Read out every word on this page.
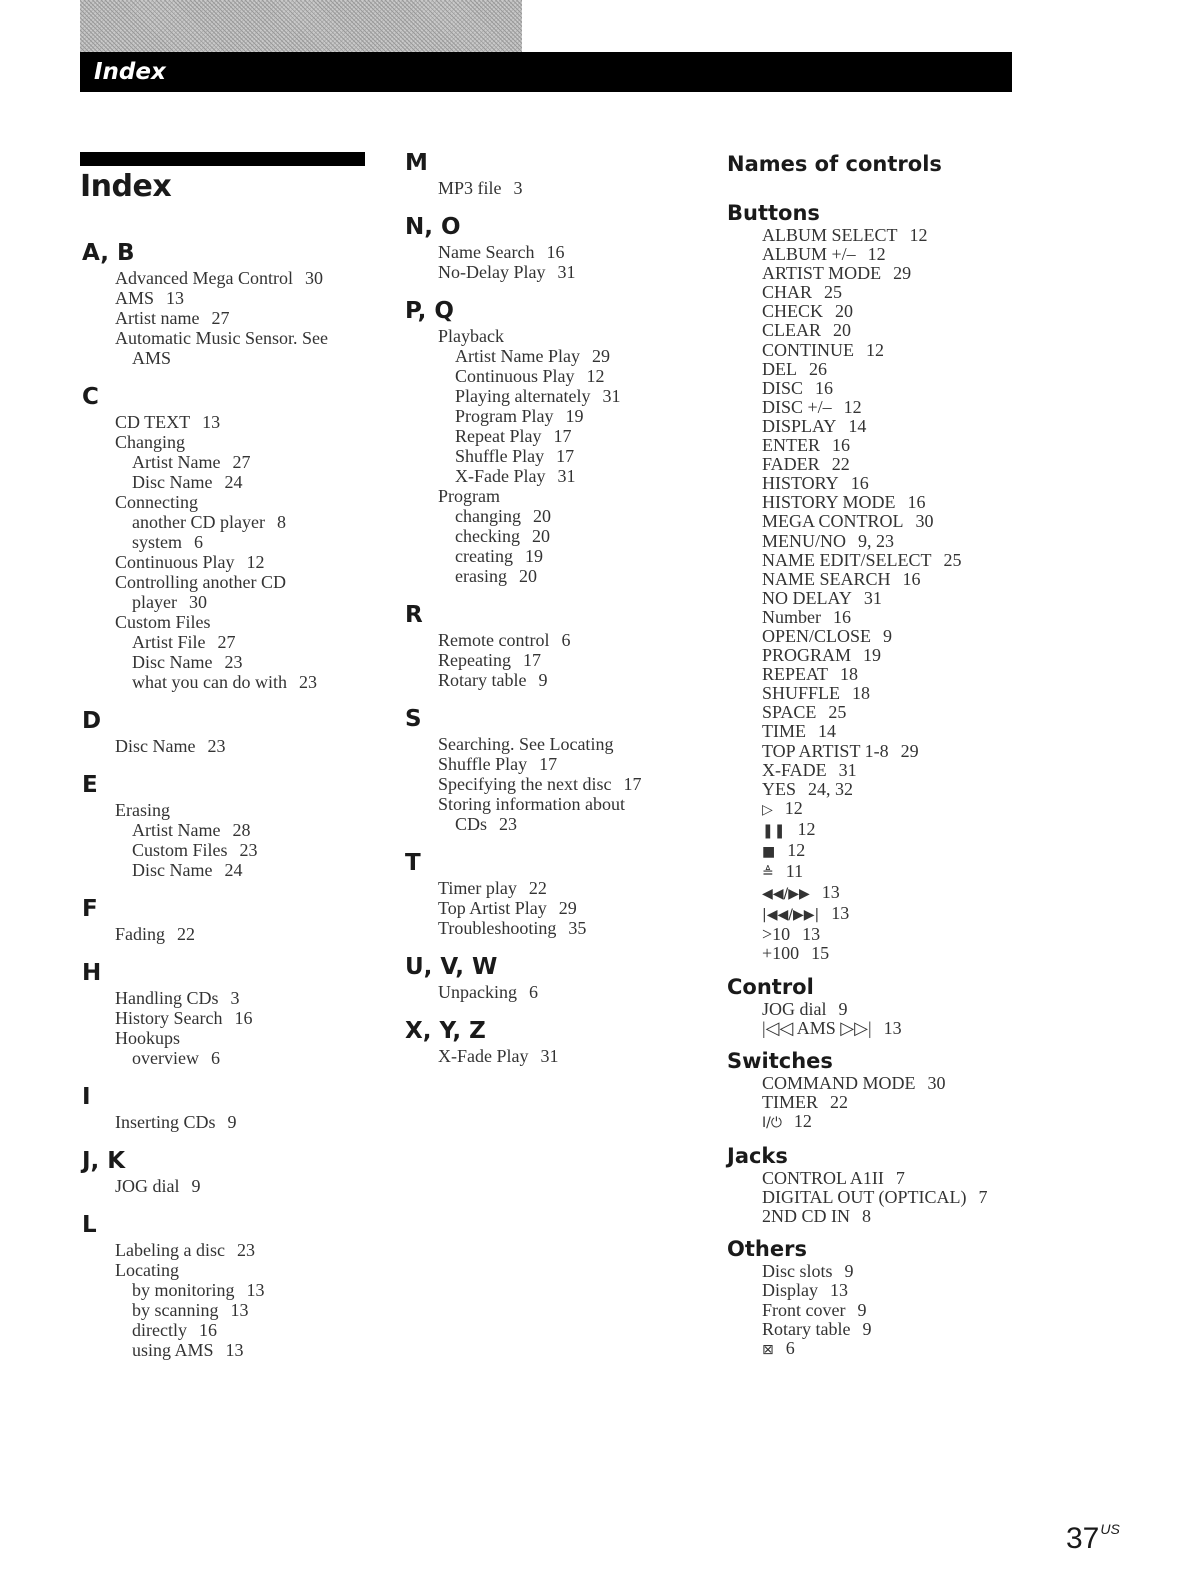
Index
Index
A, B
Advanced Mega Control 30
AMS 13
Artist name 27
Automatic Music Sensor. See
AMS
C
CD TEXT 13
Changing
Artist Name 27
Disc Name 24
Connecting
another CD player 8
system 6
Continuous Play 12
Controlling another CD
player 30
Custom Files
Artist File 27
Disc Name 23
what you can do with 23
D
Disc Name 23
E
Erasing
Artist Name 28
Custom Files 23
Disc Name 24
F
Fading 22
H
Handling CDs 3
History Search 16
Hookups
overview 6
I
Inserting CDs 9
J, K
JOG dial 9
L
Labeling a disc 23
Locating
by monitoring 13
by scanning 13
directly 16
using AMS 13
M
MP3 file 3
N, O
Name Search 16
No-Delay Play 31
P, Q
Playback
Artist Name Play 29
Continuous Play 12
Playing alternately 31
Program Play 19
Repeat Play 17
Shuffle Play 17
X-Fade Play 31
Program
changing 20
checking 20
creating 19
erasing 20
R
Remote control 6
Repeating 17
Rotary table 9
S
Searching. See Locating
Shuffle Play 17
Specifying the next disc 17
Storing information about
CDs 23
T
Timer play 22
Top Artist Play 29
Troubleshooting 35
U, V, W
Unpacking 6
X, Y, Z
X-Fade Play 31
Names of controls
Buttons
ALBUM SELECT 12
ALBUM +/– 12
ARTIST MODE 29
CHAR 25
CHECK 20
CLEAR 20
CONTINUE 12
DEL 26
DISC 16
DISC +/– 12
DISPLAY 14
ENTER 16
FADER 22
HISTORY 16
HISTORY MODE 16
MEGA CONTROL 30
MENU/NO 9, 23
NAME EDIT/SELECT 25
NAME SEARCH 16
NO DELAY 31
Number 16
OPEN/CLOSE 9
PROGRAM 19
REPEAT 18
SHUFFLE 18
SPACE 25
TIME 14
TOP ARTIST 1-8 29
X-FADE 31
YES 24, 32
▷ 12
❚❚ 12
■ 12
≜ 11
◀◀/▶▶ 13
|◀◀/▶▶| 13
>10 13
+100 15
Control
JOG dial 9
|◁◁ AMS ▷▷| 13
Switches
COMMAND MODE 30
TIMER 22
I/⏻ 12
Jacks
CONTROL A1II 7
DIGITAL OUT (OPTICAL) 7
2ND CD IN 8
Others
Disc slots 9
Display 13
Front cover 9
Rotary table 9
⊠ 6
$37^{US}$
